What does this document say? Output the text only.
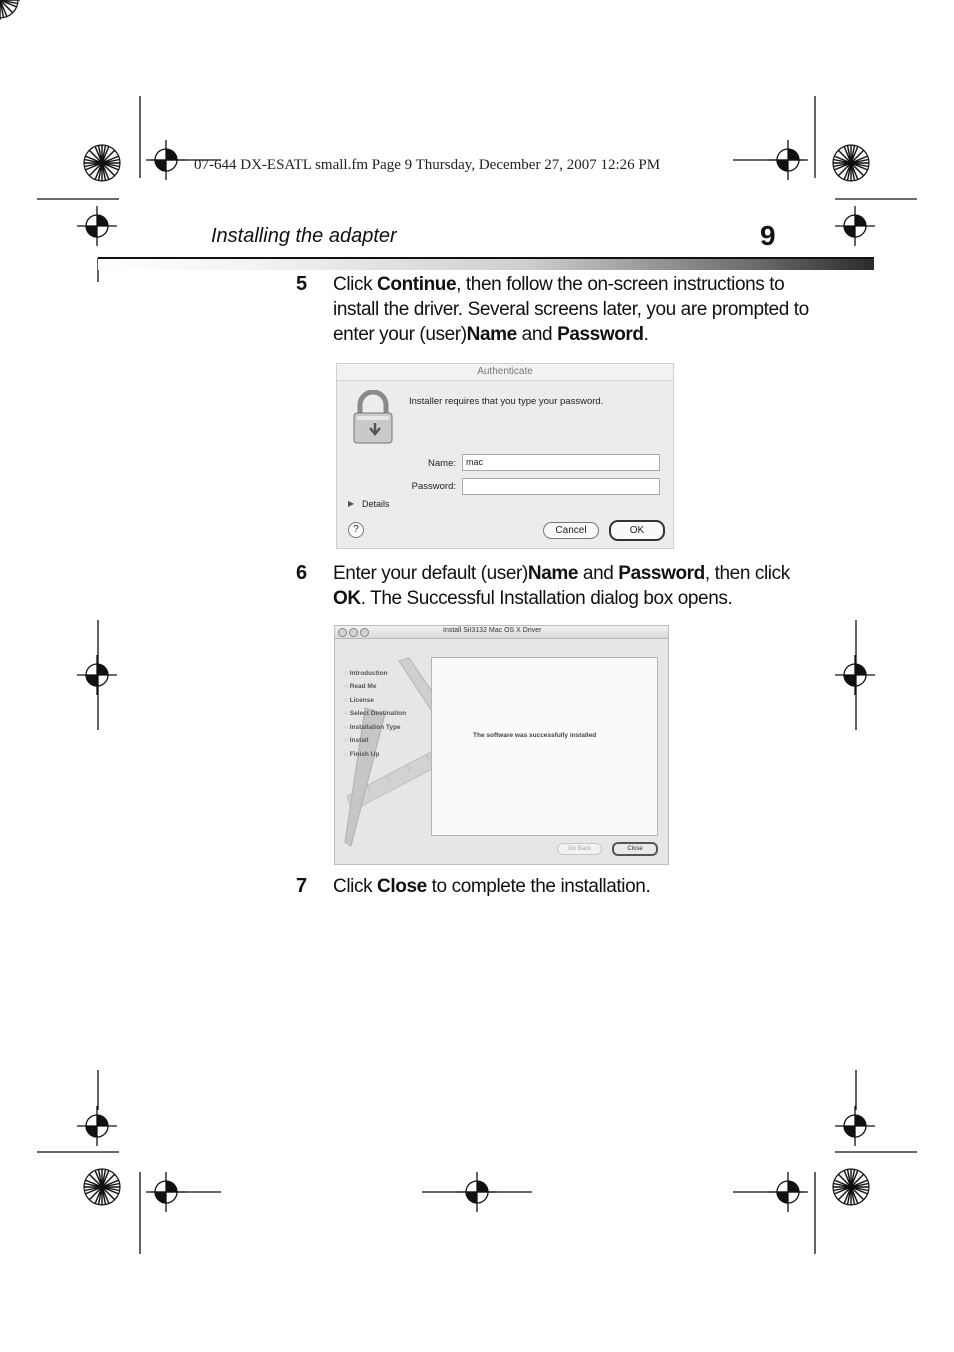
07-644 DX-ESATL small.fm Page 9 Thursday, December 27, 2007 12:26 PM
Installing the adapter	9
5 Click Continue, then follow the on-screen instructions to
install the driver. Several screens later, you are prompted to
enter your (user)Name and Password.
Authenticate
Installer requires that you type your password.
Name:	mac
Password:
▶ Details
?	Cancel	OK
6 Enter your default (user)Name and Password, then click
OK. The Successful Installation dialog box opens.
Install SiI3132 Mac OS X Driver
○ Introduction
○ Read Me
○ License
○ Select Destination
○ Installation Type
○ Install
○ Finish Up
The software was successfully installed
Go Back	Close
7 Click Close to complete the installation.
